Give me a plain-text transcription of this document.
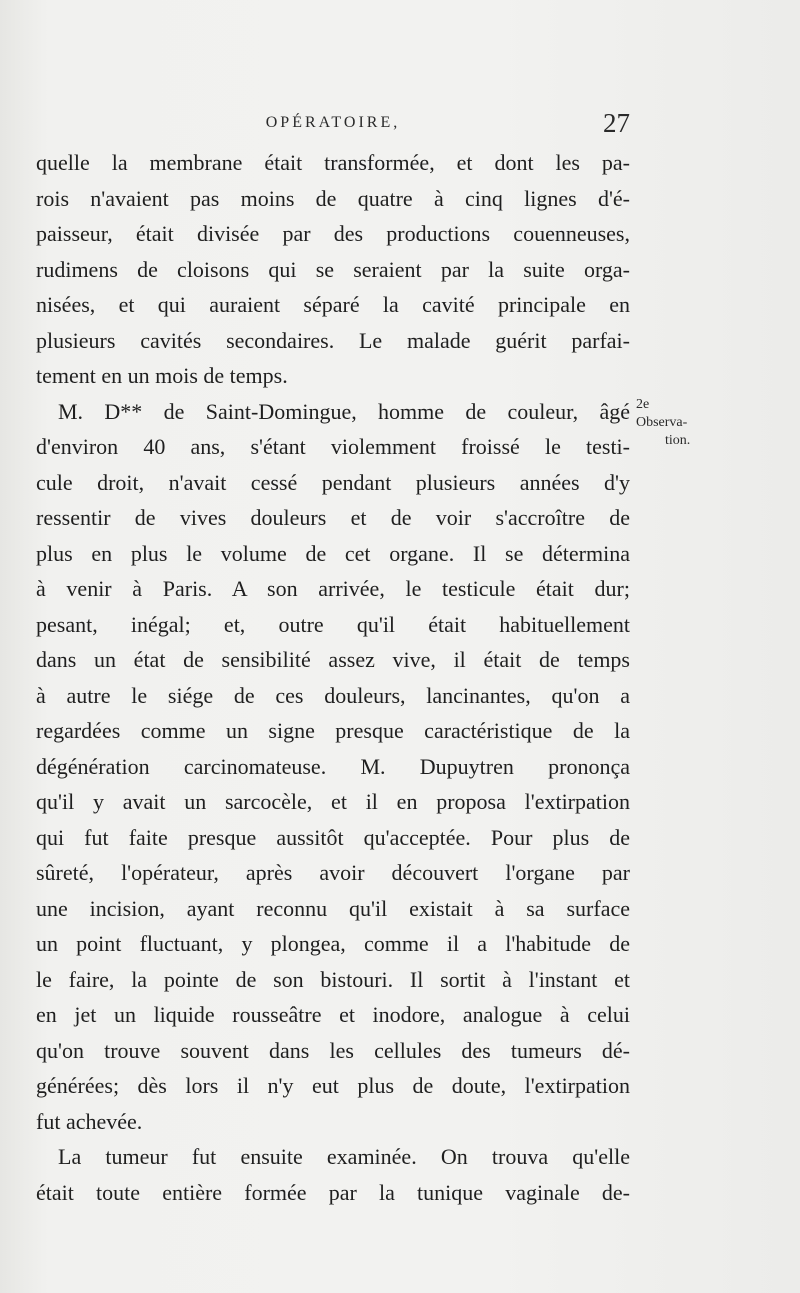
OPÉRATOIRE,	27
quelle la membrane était transformée, et dont les pa-
rois n'avaient pas moins de quatre à cinq lignes d'é-
paisseur, était divisée par des productions couenneuses,
rudimens de cloisons qui se seraient par la suite orga-
nisées, et qui auraient séparé la cavité principale en
plusieurs cavités secondaires. Le malade guérit parfai-
tement en un mois de temps.
M. D** de Saint-Domingue, homme de couleur, âgé
d'environ 40 ans, s'étant violemment froissé le testi-
cule droit, n'avait cessé pendant plusieurs années d'y
ressentir de vives douleurs et de voir s'accroître de
plus en plus le volume de cet organe. Il se détermina
à venir à Paris. A son arrivée, le testicule était dur;
pesant, inégal; et, outre qu'il était habituellement
dans un état de sensibilité assez vive, il était de temps
à autre le siége de ces douleurs, lancinantes, qu'on a
regardées comme un signe presque caractéristique de la
dégénération carcinomateuse. M. Dupuytren prononça
qu'il y avait un sarcocèle, et il en proposa l'extirpation
qui fut faite presque aussitôt qu'acceptée. Pour plus de
sûreté, l'opérateur, après avoir découvert l'organe par
une incision, ayant reconnu qu'il existait à sa surface
un point fluctuant, y plongea, comme il a l'habitude de
le faire, la pointe de son bistouri. Il sortit à l'instant et
en jet un liquide rousseâtre et inodore, analogue à celui
qu'on trouve souvent dans les cellules des tumeurs dé-
générées; dès lors il n'y eut plus de doute, l'extirpation
fut achevée.
La tumeur fut ensuite examinée. On trouva qu'elle
était toute entière formée par la tunique vaginale de-
2e
Observa-
tion.
